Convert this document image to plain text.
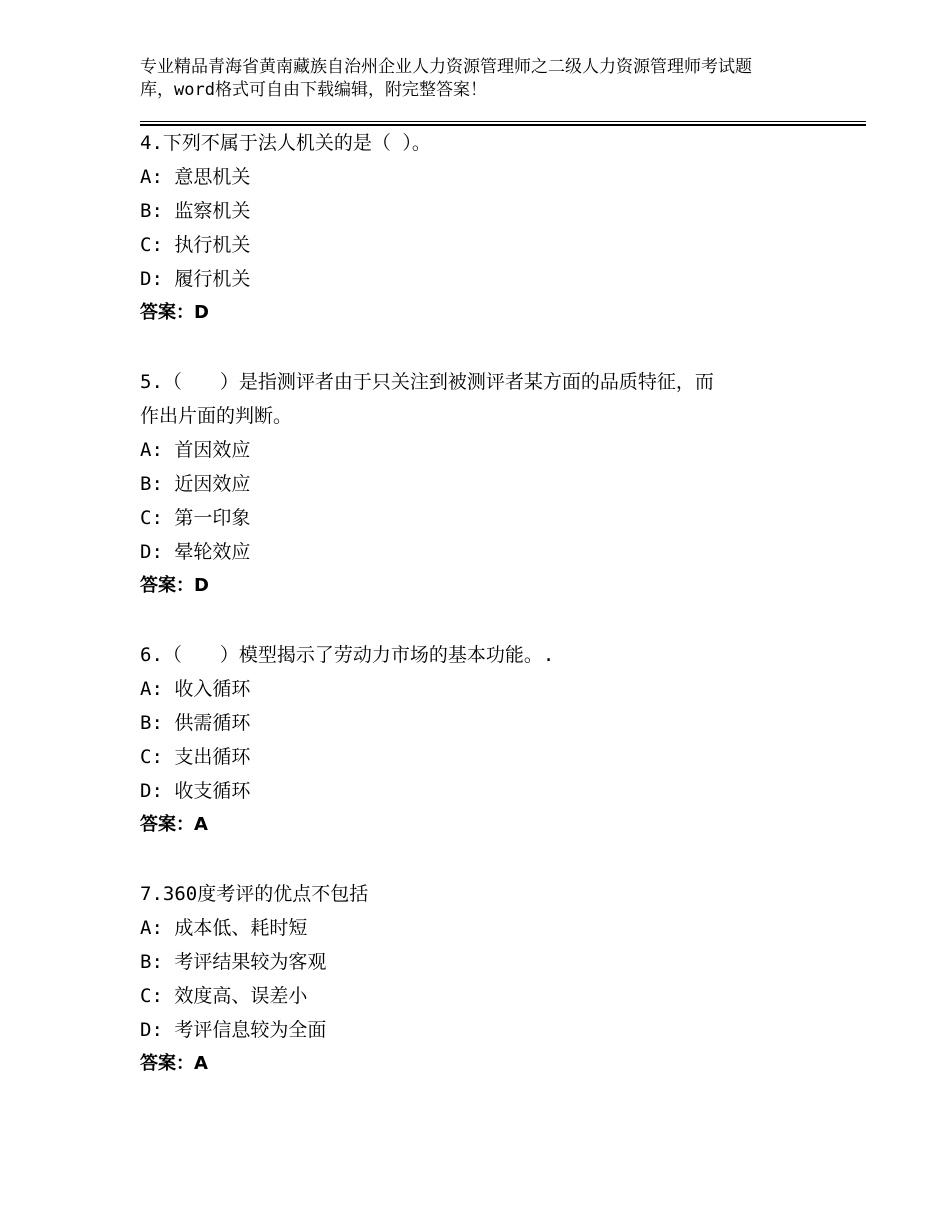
专业精品青海省黄南藏族自治州企业人力资源管理师之二级人力资源管理师考试题
库，word格式可自由下载编辑，附完整答案！
4.下列不属于法人机关的是（ ）。
A: 意思机关
B: 监察机关
C: 执行机关
D: 履行机关
答案：D
5.（　　）是指测评者由于只关注到被测评者某方面的品质特征，而
作出片面的判断。
A: 首因效应
B: 近因效应
C: 第一印象
D: 晕轮效应
答案：D
6.（　　）模型揭示了劳动力市场的基本功能。.
A: 收入循环
B: 供需循环
C: 支出循环
D: 收支循环
答案：A
7.360度考评的优点不包括
A: 成本低、耗时短
B: 考评结果较为客观
C: 效度高、误差小
D: 考评信息较为全面
答案：A
